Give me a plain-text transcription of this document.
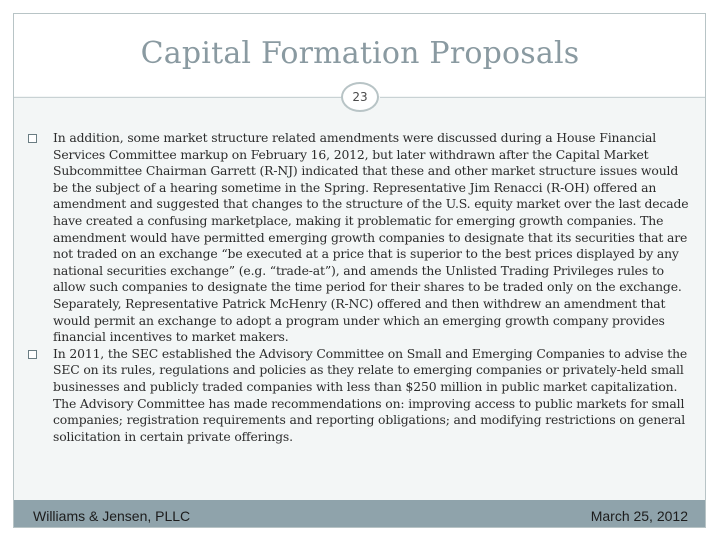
Capital Formation Proposals
23
In addition, some market structure related amendments were discussed during a House Financial Services Committee markup on February 16, 2012, but later withdrawn after the Capital Market Subcommittee Chairman Garrett (R-NJ) indicated that these and other market structure issues would be the subject of a hearing sometime in the Spring. Representative Jim Renacci (R-OH) offered an amendment and suggested that changes to the structure of the U.S. equity market over the last decade have created a confusing marketplace, making it problematic for emerging growth companies. The amendment would have permitted emerging growth companies to designate that its securities that are not traded on an exchange “be executed at a price that is superior to the best prices displayed by any national securities exchange” (e.g. “trade-at”), and amends the Unlisted Trading Privileges rules to allow such companies to designate the time period for their shares to be traded only on the exchange. Separately, Representative Patrick McHenry (R-NC) offered and then withdrew an amendment that would permit an exchange to adopt a program under which an emerging growth company provides financial incentives to market makers.
In 2011, the SEC established the Advisory Committee on Small and Emerging Companies to advise the SEC on its rules, regulations and policies as they relate to emerging companies or privately-held small businesses and publicly traded companies with less than $250 million in public market capitalization. The Advisory Committee has made recommendations on: improving access to public markets for small companies; registration requirements and reporting obligations; and modifying restrictions on general solicitation in certain private offerings.
Williams & Jensen, PLLC	March 25, 2012
